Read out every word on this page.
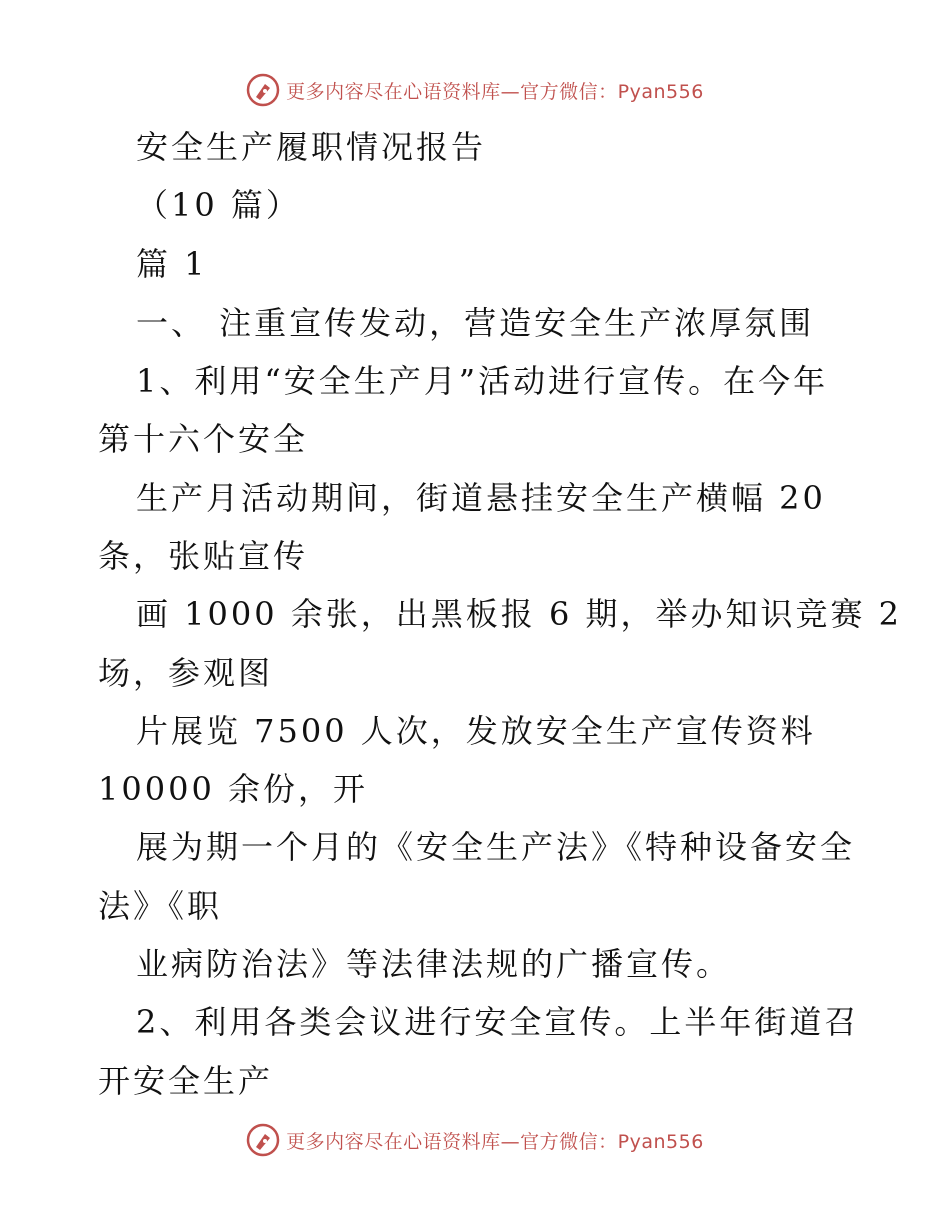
更多内容尽在心语资料库—官方微信：Pyan556
安全生产履职情况报告
（10 篇）
篇 1
一、 注重宣传发动，营造安全生产浓厚氛围
1、利用“安全生产月”活动进行宣传。在今年
第十六个安全
生产月活动期间，街道悬挂安全生产横幅 20
条，张贴宣传
画 1000 余张，出黑板报 6 期，举办知识竞赛 2
场，参观图
片展览 7500 人次，发放安全生产宣传资料
10000 余份，开
展为期一个月的《安全生产法》《特种设备安全
法》《职
业病防治法》等法律法规的广播宣传。
2、利用各类会议进行安全宣传。上半年街道召
开安全生产
更多内容尽在心语资料库—官方微信：Pyan556
